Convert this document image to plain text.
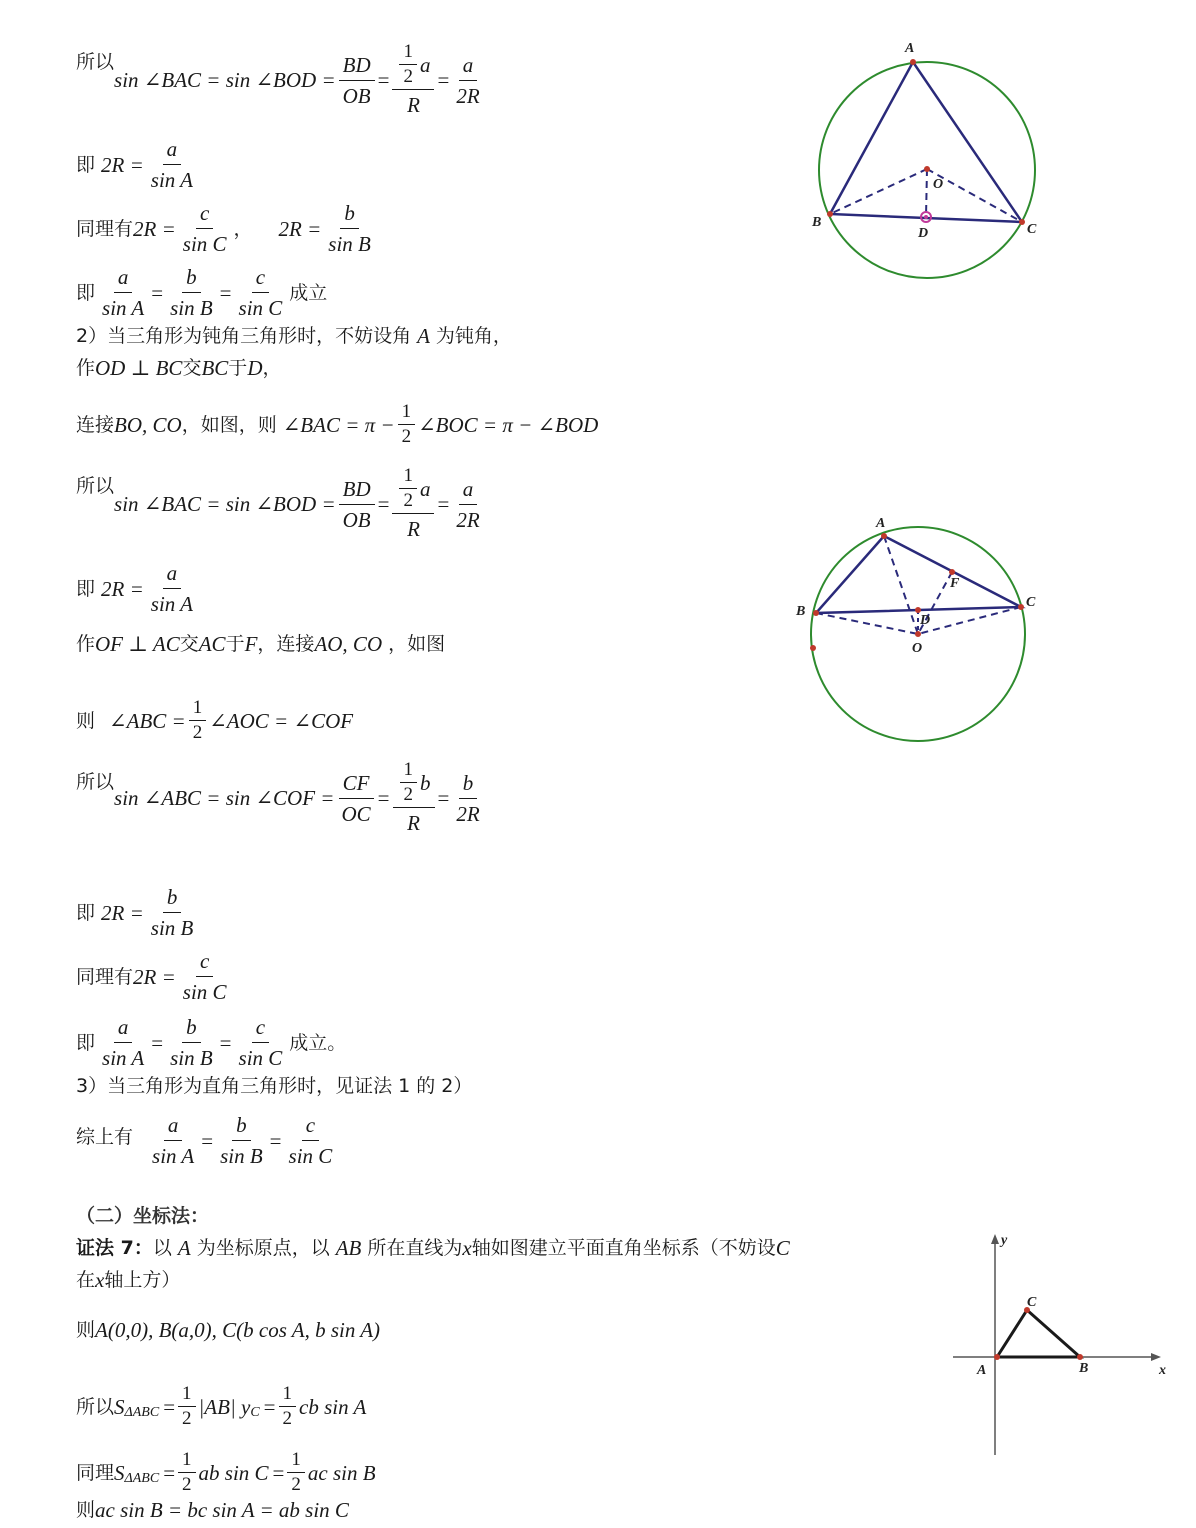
所以
sin ∠BAC = sin ∠BOD = $\frac{BD}{OB} = \frac{\frac{1}{2} a}{R} = \frac{a}{2R}$
即 $2R = \frac{a}{\text{sin A}}$
同理有 $2R = \frac{c}{\text{sin C}}$ ， $2R = \frac{b}{\text{sin B}}$
即 $\frac{a}{\text{sin A}} = \frac{b}{\text{sin B}} = \frac{c}{\text{sin C}}$ 成立
2）当三角形为钝角三角形时，不妨设角 A 为钝角，
作 OD ⊥ BC 交 BC 于 D ，
连接 BO, CO ，如图，则 ∠BAC = $\pi - \frac{1}{2}$ ∠BOC = π − ∠BOD
所以
sin ∠BAC = sin ∠BOD = $\frac{BD}{OB} = \frac{\frac{1}{2} a}{R} = \frac{a}{2R}$
即 $2R = \frac{a}{\text{sin A}}$
作 OF ⊥ AC 交 AC 于 F ，连接 AO, CO ，如图
则 ∠ABC = $\frac{1}{2}$ ∠AOC = ∠COF
所以
sin ∠ABC = sin ∠COF = $\frac{CF}{OC} = \frac{\frac{1}{2} b}{R} = \frac{b}{2R}$
即 $2R = \frac{b}{\text{sin B}}$
同理有 $2R = \frac{c}{\text{sin C}}$
即 $\frac{a}{\text{sin A}} = \frac{b}{\text{sin B}} = \frac{c}{\text{sin C}}$ 成立。
3）当三角形为直角三角形时，见证法 1 的 2）
综上有 $\frac{a}{\text{sin A}} = \frac{b}{\text{sin B}} = \frac{c}{\text{sin C}}$
（二）坐标法：
证法 7： 以 A 为坐标原点，以 AB 所在直线为 x 轴如图建立平面直角坐标系（不妨设 C
在 x 轴上方）
则 A(0,0), B(a,0), C(b cos A, b sin A)
所以 S $\Delta ABC = \frac{1}{2} |AB|$ y $C = \frac{1}{2}$ cb sin A
同理 S $\Delta ABC = \frac{1}{2}$ ab $\sin C = \frac{1}{2}$ ac sin B
则 ac sin B = bc sin A = ab sin C
A
O
B
D	C
A
F
B
D
C
O
y
C
A	B	x
